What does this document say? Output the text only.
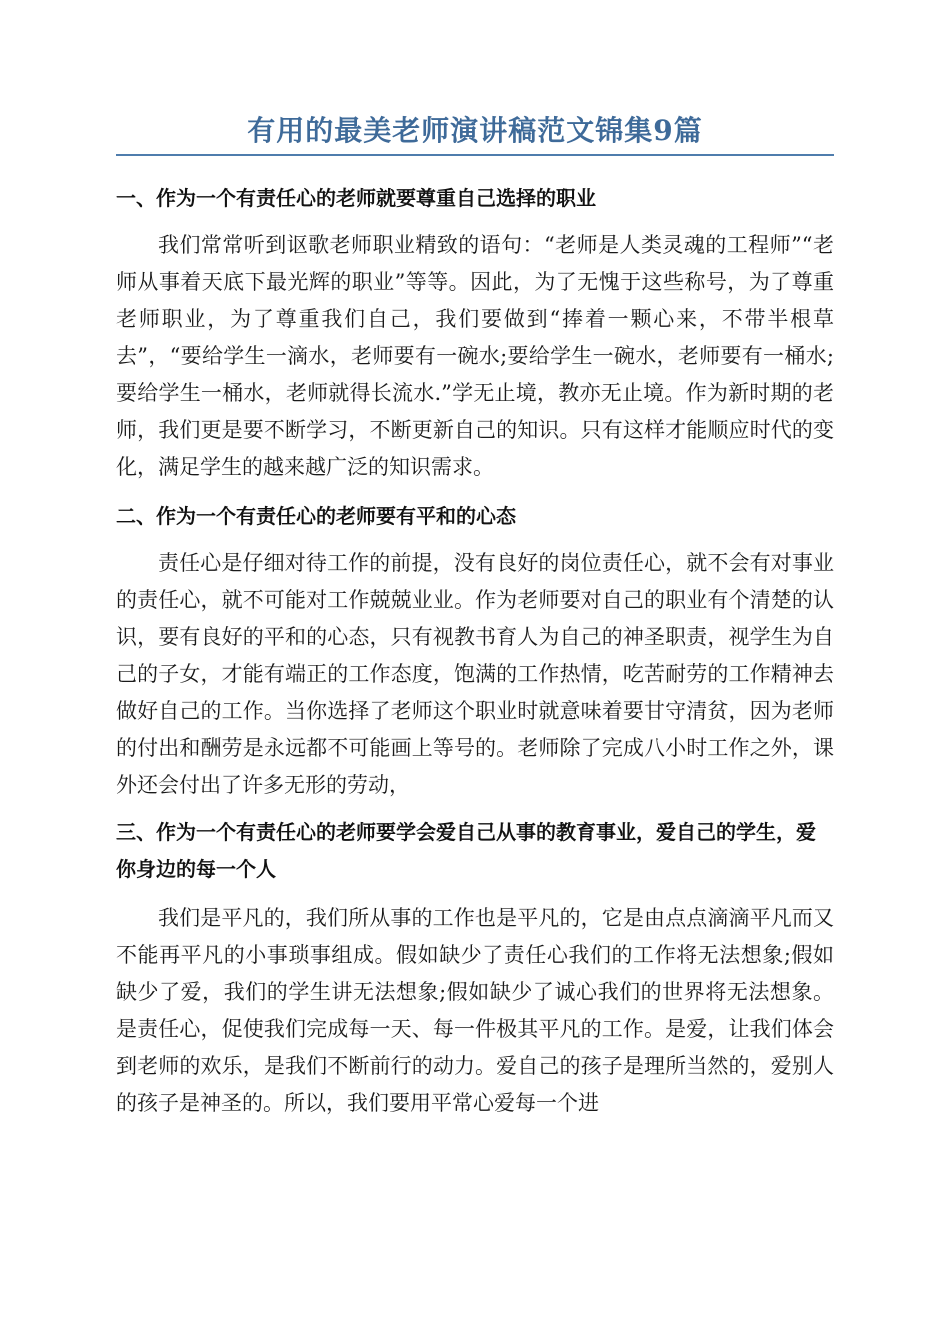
有用的最美老师演讲稿范文锦集9篇
一、作为一个有责任心的老师就要尊重自己选择的职业

我们常常听到讴歌老师职业精致的语句：“老师是人类灵魂的工程师”“老师从事着天底下最光辉的职业”等等。因此，为了无愧于这些称号，为了尊重老师职业，为了尊重我们自己，我们要做到“捧着一颗心来，不带半根草去”，“要给学生一滴水，老师要有一碗水;要给学生一碗水，老师要有一桶水;要给学生一桶水，老师就得长流水.”学无止境，教亦无止境。作为新时期的老师，我们更是要不断学习，不断更新自己的知识。只有这样才能顺应时代的变化，满足学生的越来越广泛的知识需求。

二、作为一个有责任心的老师要有平和的心态

责任心是仔细对待工作的前提，没有良好的岗位责任心，就不会有对事业的责任心，就不可能对工作兢兢业业。作为老师要对自己的职业有个清楚的认识，要有良好的平和的心态，只有视教书育人为自己的神圣职责，视学生为自己的子女，才能有端正的工作态度，饱满的工作热情，吃苦耐劳的工作精神去做好自己的工作。当你选择了老师这个职业时就意味着要甘守清贫，因为老师的付出和酬劳是永远都不可能画上等号的。老师除了完成八小时工作之外，课外还会付出了许多无形的劳动，

三、作为一个有责任心的老师要学会爱自己从事的教育事业，爱自己的学生，爱你身边的每一个人

我们是平凡的，我们所从事的工作也是平凡的，它是由点点滴滴平凡而又不能再平凡的小事琐事组成。假如缺少了责任心我们的工作将无法想象;假如缺少了爱，我们的学生讲无法想象;假如缺少了诚心我们的世界将无法想象。是责任心，促使我们完成每一天、每一件极其平凡的工作。是爱，让我们体会到老师的欢乐，是我们不断前行的动力。爱自己的孩子是理所当然的，爱别人的孩子是神圣的。所以，我们要用平常心爱每一个进
